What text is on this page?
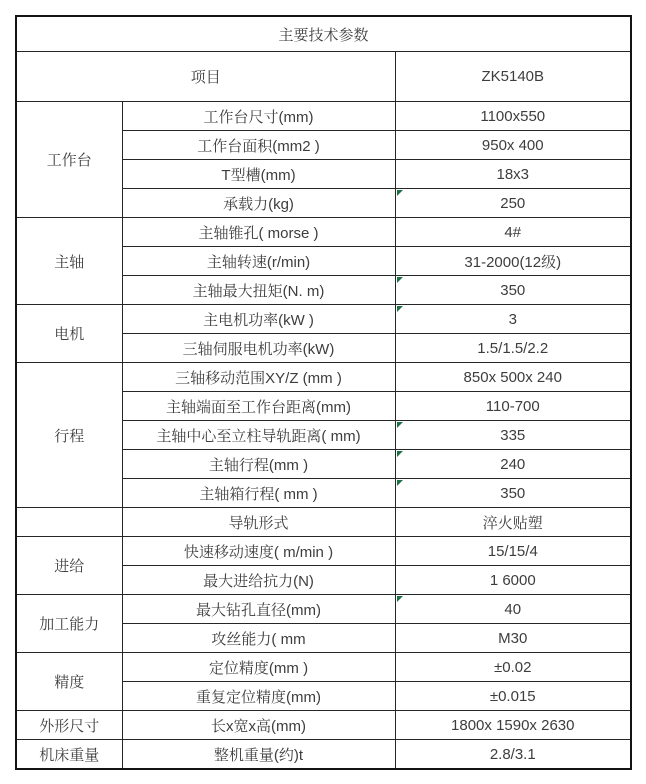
主要技术参数		
项目		ZK5140B
工作台	工作台尺寸(mm)	1100x550
	工作台面积(mm2 )	950x 400
	T型槽(mm)	18x3
	承载力(kg)	250
主轴	主轴锥孔( morse )	4#
	主轴转速(r/min)	31-2000(12级)
	主轴最大扭矩(N. m)	350
电机	主电机功率(kW )	3
	三轴伺服电机功率(kW)	1.5/1.5/2.2
行程	三轴移动范围XY/Z (mm )	850x 500x 240
	主轴端面至工作台距离(mm)	110-700
	主轴中心至立柱导轨距离( mm)	335
	主轴行程(mm )	240
	主轴箱行程( mm )	350
	导轨形式	淬火贴塑
进给	快速移动速度( m/min )	15/15/4
	最大进给抗力(N)	1 6000
加工能力	最大钻孔直径(mm)	40
	攻丝能力( mm	M30
精度	定位精度(mm )	±0.02
	重复定位精度(mm)	±0.015
外形尺寸	长x宽x高(mm)	1800x 1590x 2630
机床重量	整机重量(约)t	2.8/3.1
